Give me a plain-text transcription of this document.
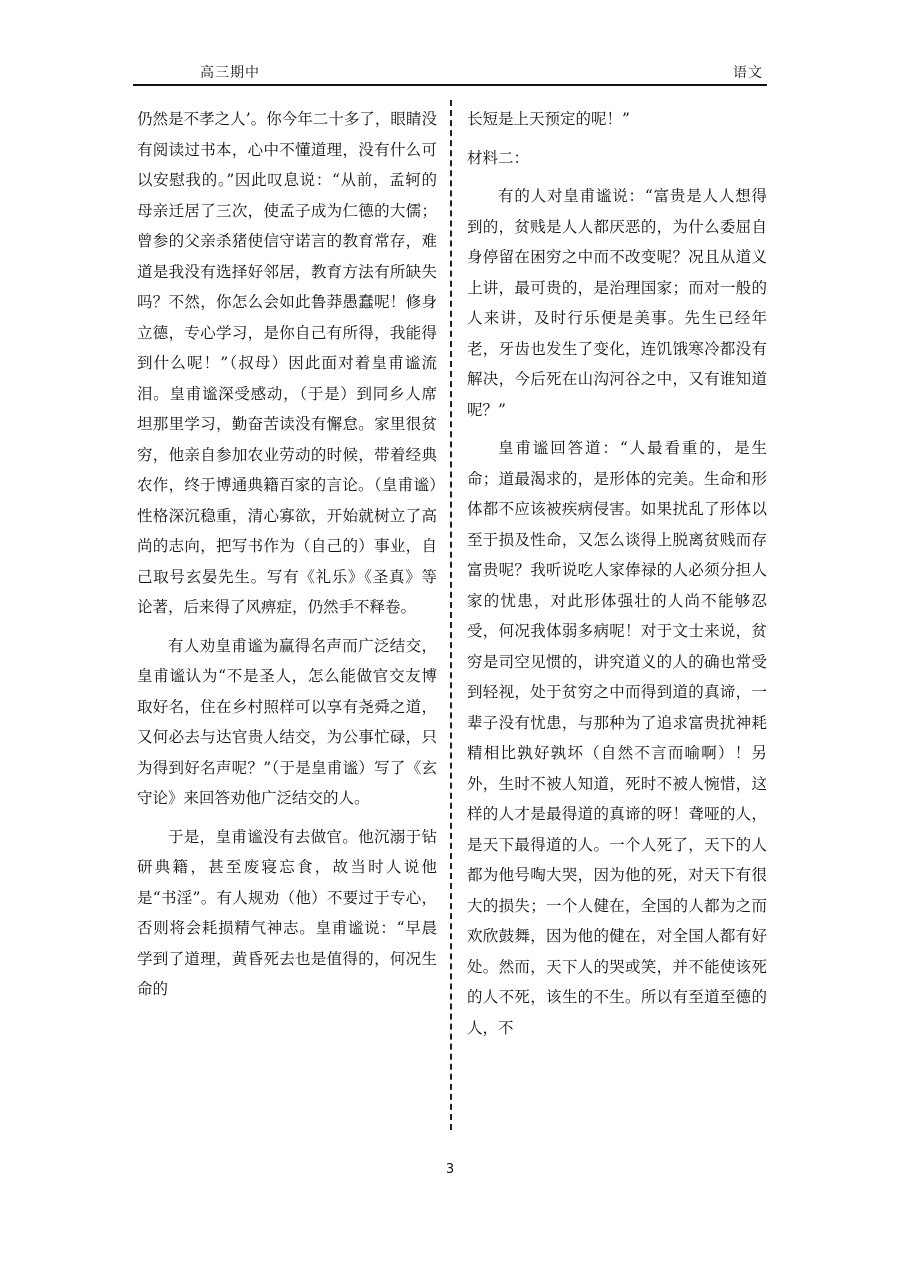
高三期中	语文

仍然是不孝之人’。你今年二十多了，眼睛没有阅读过书本，心中不懂道理，没有什么可以安慰我的。”因此叹息说：“从前，孟轲的母亲迁居了三次，使孟子成为仁德的大儒；曾参的父亲杀猪使信守诺言的教育常存，难道是我没有选择好邻居，教育方法有所缺失吗？不然，你怎么会如此鲁莽愚蠢呢！修身立德，专心学习，是你自己有所得，我能得到什么呢！”（叔母）因此面对着皇甫谧流泪。皇甫谧深受感动，（于是）到同乡人席坦那里学习，勤奋苦读没有懈怠。家里很贫穷，他亲自参加农业劳动的时候，带着经典农作，终于博通典籍百家的言论。（皇甫谧）性格深沉稳重，清心寡欲，开始就树立了高尚的志向，把写书作为（自己的）事业，自己取号玄晏先生。写有《礼乐》《圣真》等论著，后来得了风痹症，仍然手不释卷。

有人劝皇甫谧为赢得名声而广泛结交，皇甫谧认为“不是圣人，怎么能做官交友博取好名，住在乡村照样可以享有尧舜之道，又何必去与达官贵人结交，为公事忙碌，只为得到好名声呢？”（于是皇甫谧）写了《玄守论》来回答劝他广泛结交的人。

于是，皇甫谧没有去做官。他沉溺于钻研典籍，甚至废寝忘食，故当时人说他是“书淫”。有人规劝（他）不要过于专心，否则将会耗损精气神志。皇甫谧说：“早晨学到了道理，黄昏死去也是值得的，何况生命的

长短是上天预定的呢！”

材料二：

有的人对皇甫谧说：“富贵是人人想得到的，贫贱是人人都厌恶的，为什么委屈自身停留在困穷之中而不改变呢？况且从道义上讲，最可贵的，是治理国家；而对一般的人来讲，及时行乐便是美事。先生已经年老，牙齿也发生了变化，连饥饿寒冷都没有解决，今后死在山沟河谷之中，又有谁知道呢？”

皇甫谧回答道：“人最看重的，是生命；道最渴求的，是形体的完美。生命和形体都不应该被疾病侵害。如果扰乱了形体以至于损及性命，又怎么谈得上脱离贫贱而存富贵呢？我听说吃人家俸禄的人必须分担人家的忧患，对此形体强壮的人尚不能够忍受，何况我体弱多病呢！对于文士来说，贫穷是司空见惯的，讲究道义的人的确也常受到轻视，处于贫穷之中而得到道的真谛，一辈子没有忧患，与那种为了追求富贵扰神耗精相比孰好孰坏（自然不言而喻啊）！另外，生时不被人知道，死时不被人惋惜，这样的人才是最得道的真谛的呀！聋哑的人，是天下最得道的人。一个人死了，天下的人都为他号啕大哭，因为他的死，对天下有很大的损失；一个人健在，全国的人都为之而欢欣鼓舞，因为他的健在，对全国人都有好处。然而，天下人的哭或笑，并不能使该死的人不死，该生的不生。所以有至道至德的人，不

3
